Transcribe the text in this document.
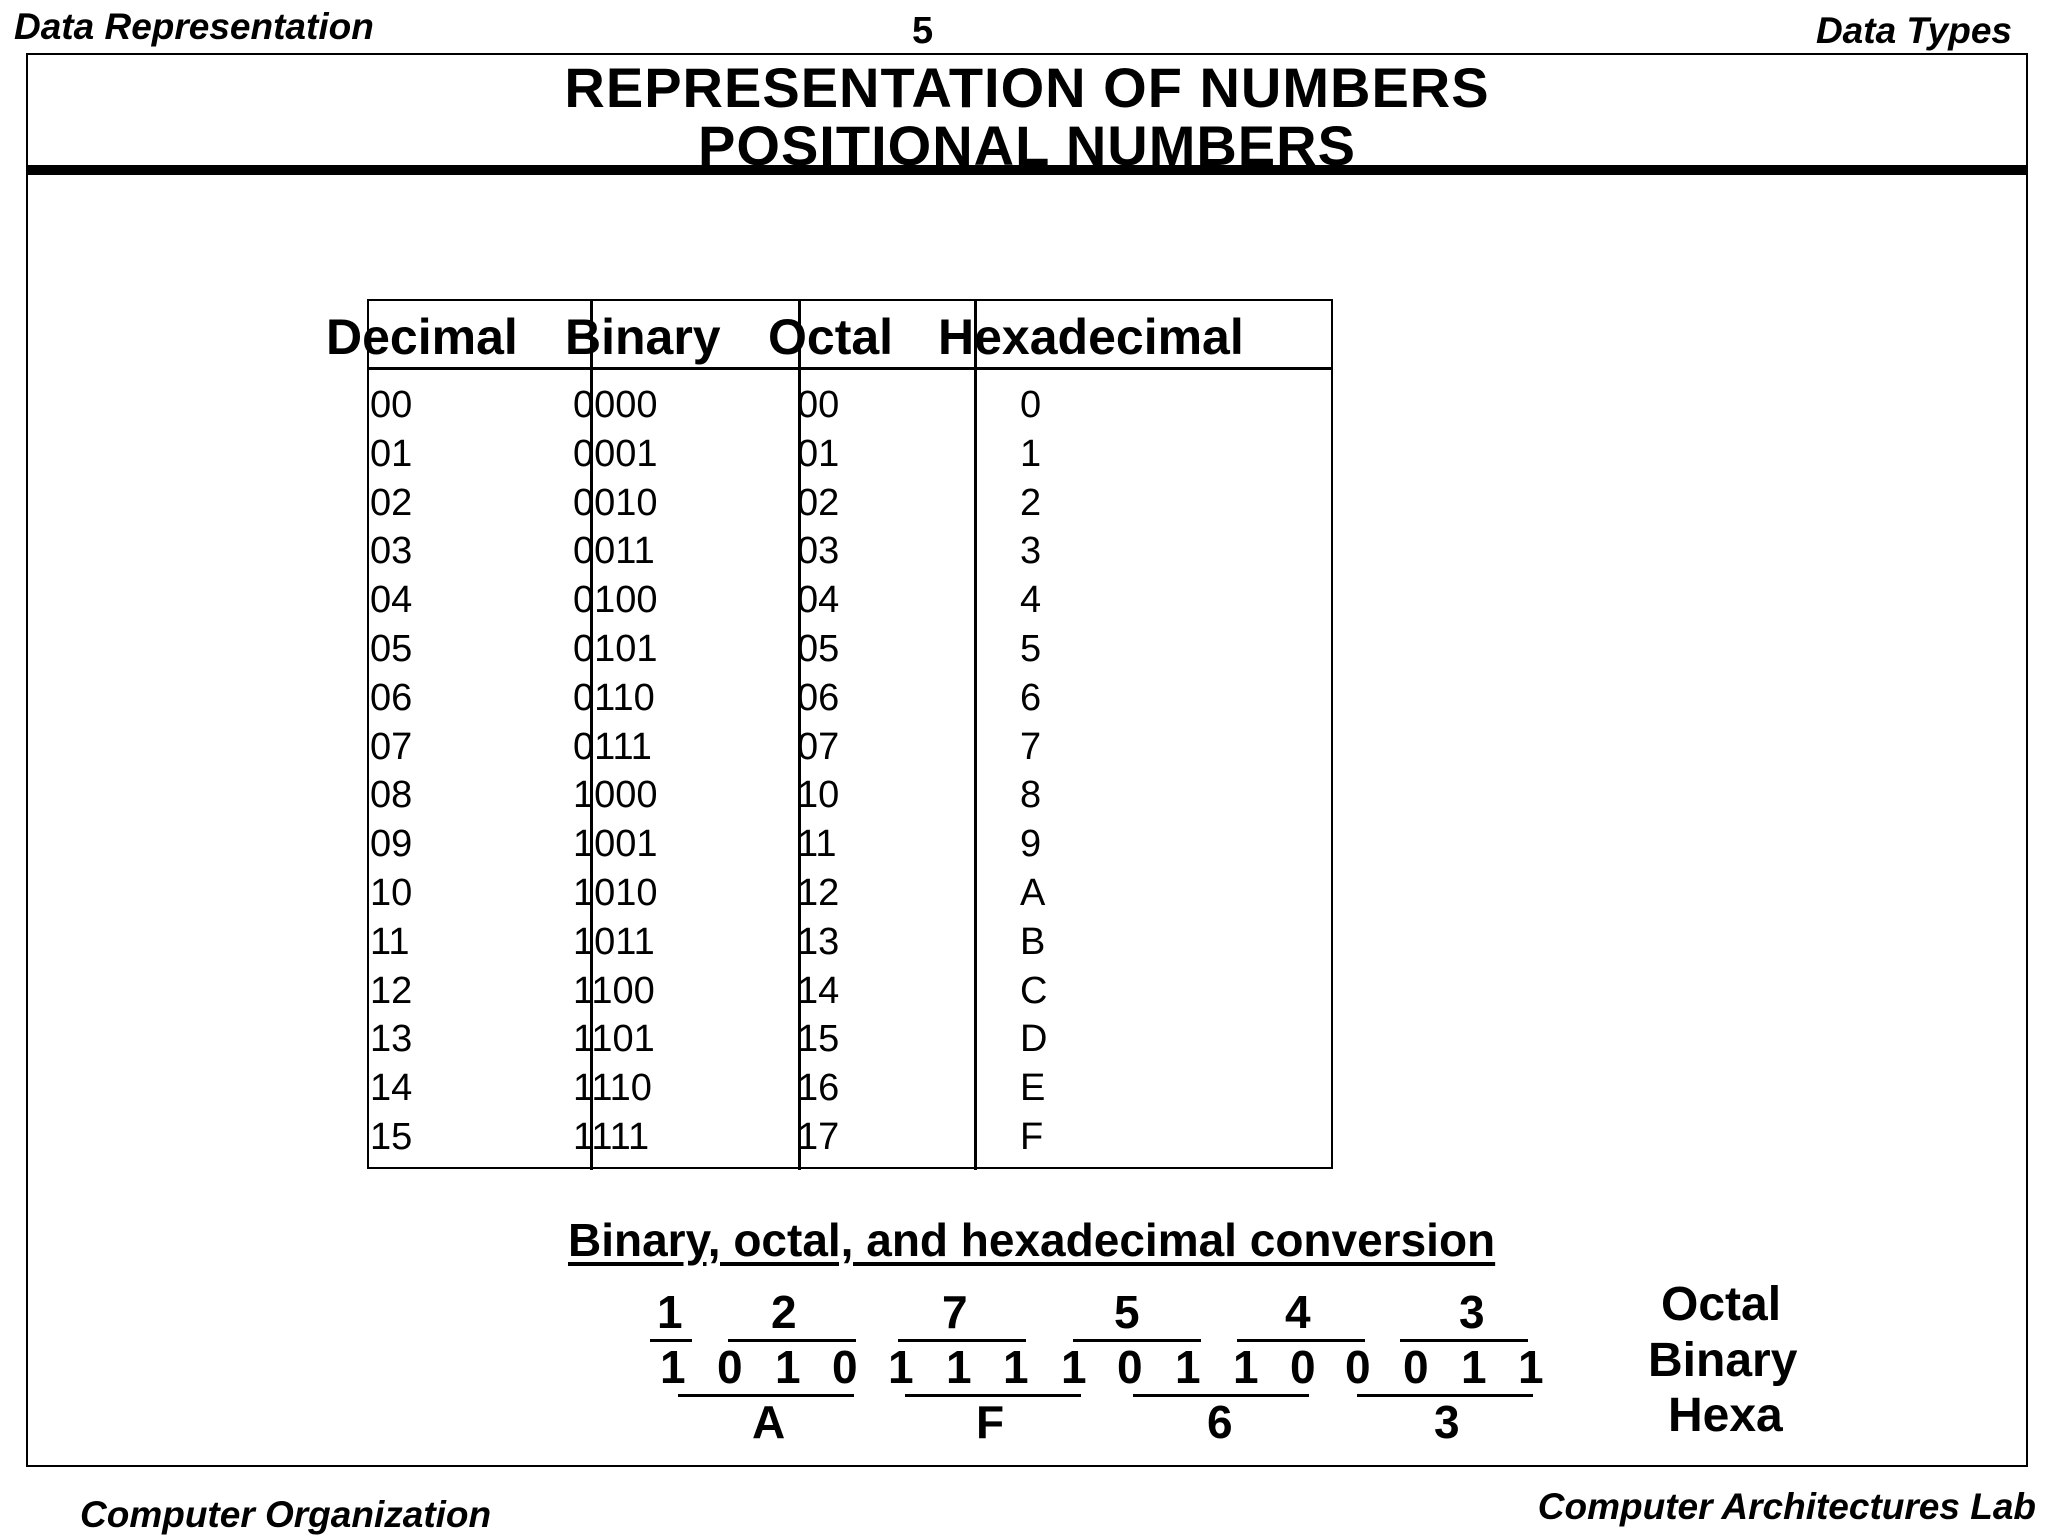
Data Representation	5	Data Types
REPRESENTATION OF NUMBERS
POSITIONAL NUMBERS
Decimal Binary Octal Hexadecimal
00	0000	00	0
01	0001	01	1
02	0010	02	2
03	0011	03	3
04	0100	04	4
05	0101	05	5
06	0110	06	6
07	0111	07	7
08	1000	10	8
09	1001	11	9
10	1010	12	A
11	1011	13	B
12	1100	14	C
13	1101	15	D
14	1110	16	E
15	1111	17	F
Binary, octal, and hexadecimal conversion
1 2	7	5	4	3
1 0 1 0 1 1 1 1 0 1 1 0 0 0 1 1
A	F	6	3
Octal
Binary
Hexa
Computer Organization	Computer Architectures Lab
